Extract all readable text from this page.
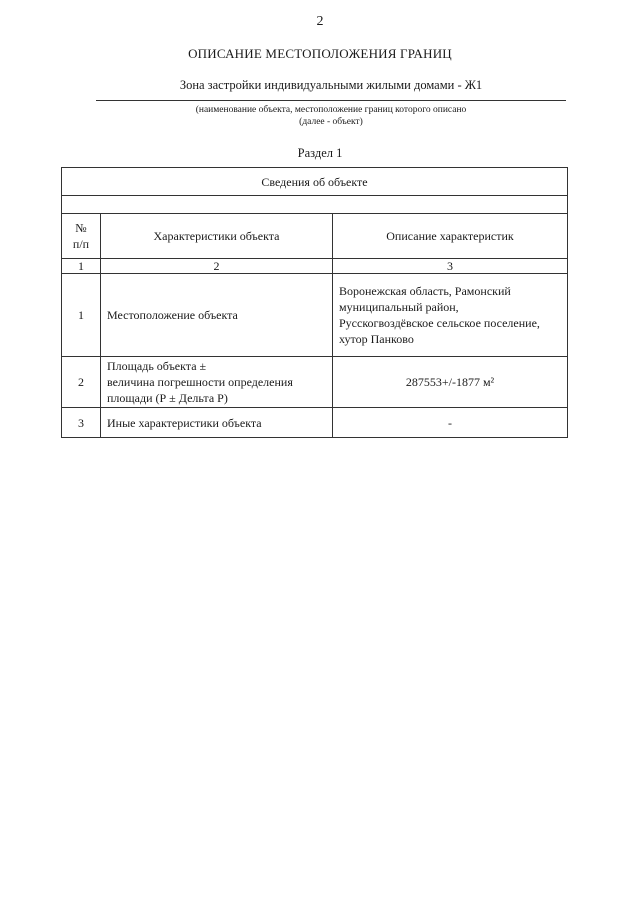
2
ОПИСАНИЕ МЕСТОПОЛОЖЕНИЯ ГРАНИЦ
Зона застройки индивидуальными жилыми домами - Ж1
(наименование объекта, местоположение границ которого описано
(далее - объект)
Раздел 1
Сведения об объекте		

№
п/п	Характеристики объекта	Описание характеристик
1	2	3
1	Местоположение объекта	Воронежская область, Рамонский
муниципальный район,
Русскогвоздёвское сельское поселение,
хутор Панково
2	Площадь объекта ±
величина погрешности определения
площади (Р ± Дельта Р)	287553+/-1877 м²
3	Иные характеристики объекта	-
